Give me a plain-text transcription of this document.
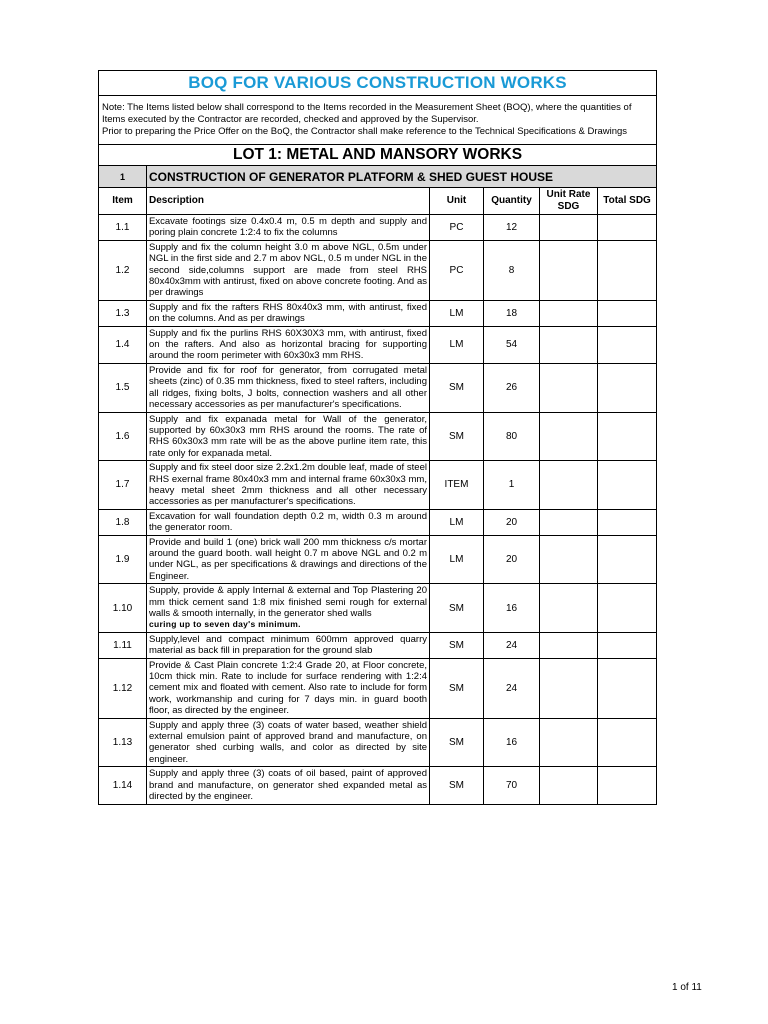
BOQ FOR VARIOUS CONSTRUCTION WORKS					

Note: The Items listed below shall correspond to the Items recorded in the Measurement Sheet (BOQ), where the quantities of Items executed by the Contractor are recorded, checked and approved by the Supervisor.
Prior to preparing the Price Offer on the BoQ, the Contractor shall make reference to the Technical Specifications & Drawings					

LOT 1: METAL AND MANSORY WORKS					
1	CONSTRUCTION OF GENERATOR PLATFORM & SHED GUEST HOUSE				
Item	Description	Unit	Quantity	Unit Rate SDG	Total SDG
1.1	Excavate footings size 0.4x0.4 m, 0.5 m depth and supply and poring plain concrete 1:2:4 to fix the columns	PC	12		
1.2	Supply and fix the column height 3.0 m above NGL, 0.5m under NGL in the first side and 2.7 m abov NGL, 0.5 m under NGL in the second side,columns support are made from steel RHS 80x40x3mm with antirust, fixed on above concrete footing. And as per drawings	PC	8		
1.3	Supply and fix the rafters RHS 80x40x3 mm, with antirust, fixed on the columns. And as per drawings	LM	18		
1.4	Supply and fix the purlins RHS 60X30X3 mm, with antirust, fixed on the rafters. And also as horizontal bracing for supporting around the room perimeter with 60x30x3 mm RHS.	LM	54		
1.5	Provide and fix for roof for generator, from corrugated metal sheets (zinc) of 0.35 mm thickness, fixed to steel rafters, including all ridges, fixing bolts, J bolts, connection washers and all other necessary accessories as per manufacturer's specifications.	SM	26		
1.6	Supply and fix expanada metal for Wall of the generator, supported by 60x30x3 mm RHS around the rooms. The rate of RHS 60x30x3 mm rate will be as the above purline item rate, this rate only for expanada metal.	SM	80		
1.7	Supply and fix steel door size 2.2x1.2m double leaf, made of steel RHS exernal frame 80x40x3 mm and internal frame 60x30x3 mm, heavy metal sheet 2mm thickness and all other necessary accessories as per manufacturer's specifications.	ITEM	1		
1.8	Excavation for wall foundation depth 0.2 m, width 0.3 m around the generator room.	LM	20		
1.9	Provide and build 1 (one) brick wall 200 mm thickness c/s mortar around the guard booth. wall height 0.7 m above NGL and 0.2 m under NGL, as per specifications & drawings and directions of the Engineer.	LM	20		
1.10	Supply, provide & apply Internal & external and Top Plastering 20 mm thick cement sand 1:8 mix finished semi rough for external walls & smooth internally, in the generator shed walls
curing up to seven day's minimum.	SM	16		
1.11	Supply,level and compact minimum 600mm approved quarry material as back fill in preparation for the ground slab	SM	24		
1.12	Provide & Cast Plain concrete 1:2:4 Grade 20, at Floor concrete, 10cm thick min. Rate to include for surface rendering with 1:2:4 cement mix and floated with cement. Also rate to include for form work, workmanship and curing for 7 days min. in guard booth floor, as directed by the engineer.	SM	24		
1.13	Supply and apply three (3) coats of water based, weather shield external emulsion paint of approved brand and manufacture, on generator shed curbing walls, and color as directed by site engineer.	SM	16		
1.14	Supply and apply three (3) coats of oil based, paint of approved brand and manufacture, on generator shed expanded metal as directed by the engineer.	SM	70		
1 of 11
